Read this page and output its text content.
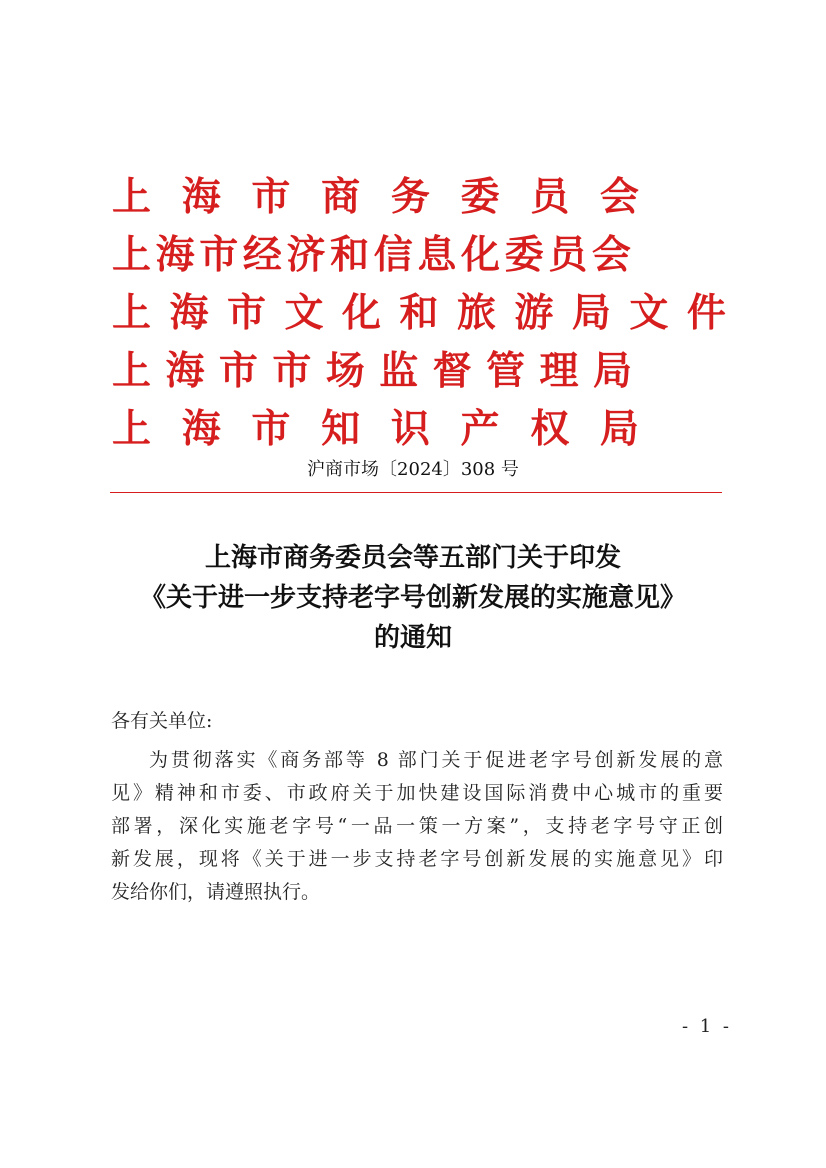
上 海 市 商 务 委 员 会
上 海 市 经 济 和 信 息 化 委 员 会
上 海 市 文 化 和 旅 游 局 文 件
上 海 市 市 场 监 督 管 理 局
上 海 市 知 识 产 权 局
沪商市场〔2024〕308 号
上海市商务委员会等五部门关于印发
《关于进一步支持老字号创新发展的实施意见》
的通知
各有关单位:
为贯彻落实《商务部等 8 部门关于促进老字号创新发展的意
见》精神和市委、市政府关于加快建设国际消费中心城市的重要
部署，深化实施老字号“一品一策一方案”，支持老字号守正创
新发展，现将《关于进一步支持老字号创新发展的实施意见》印
发给你们，请遵照执行。
- 1 -
